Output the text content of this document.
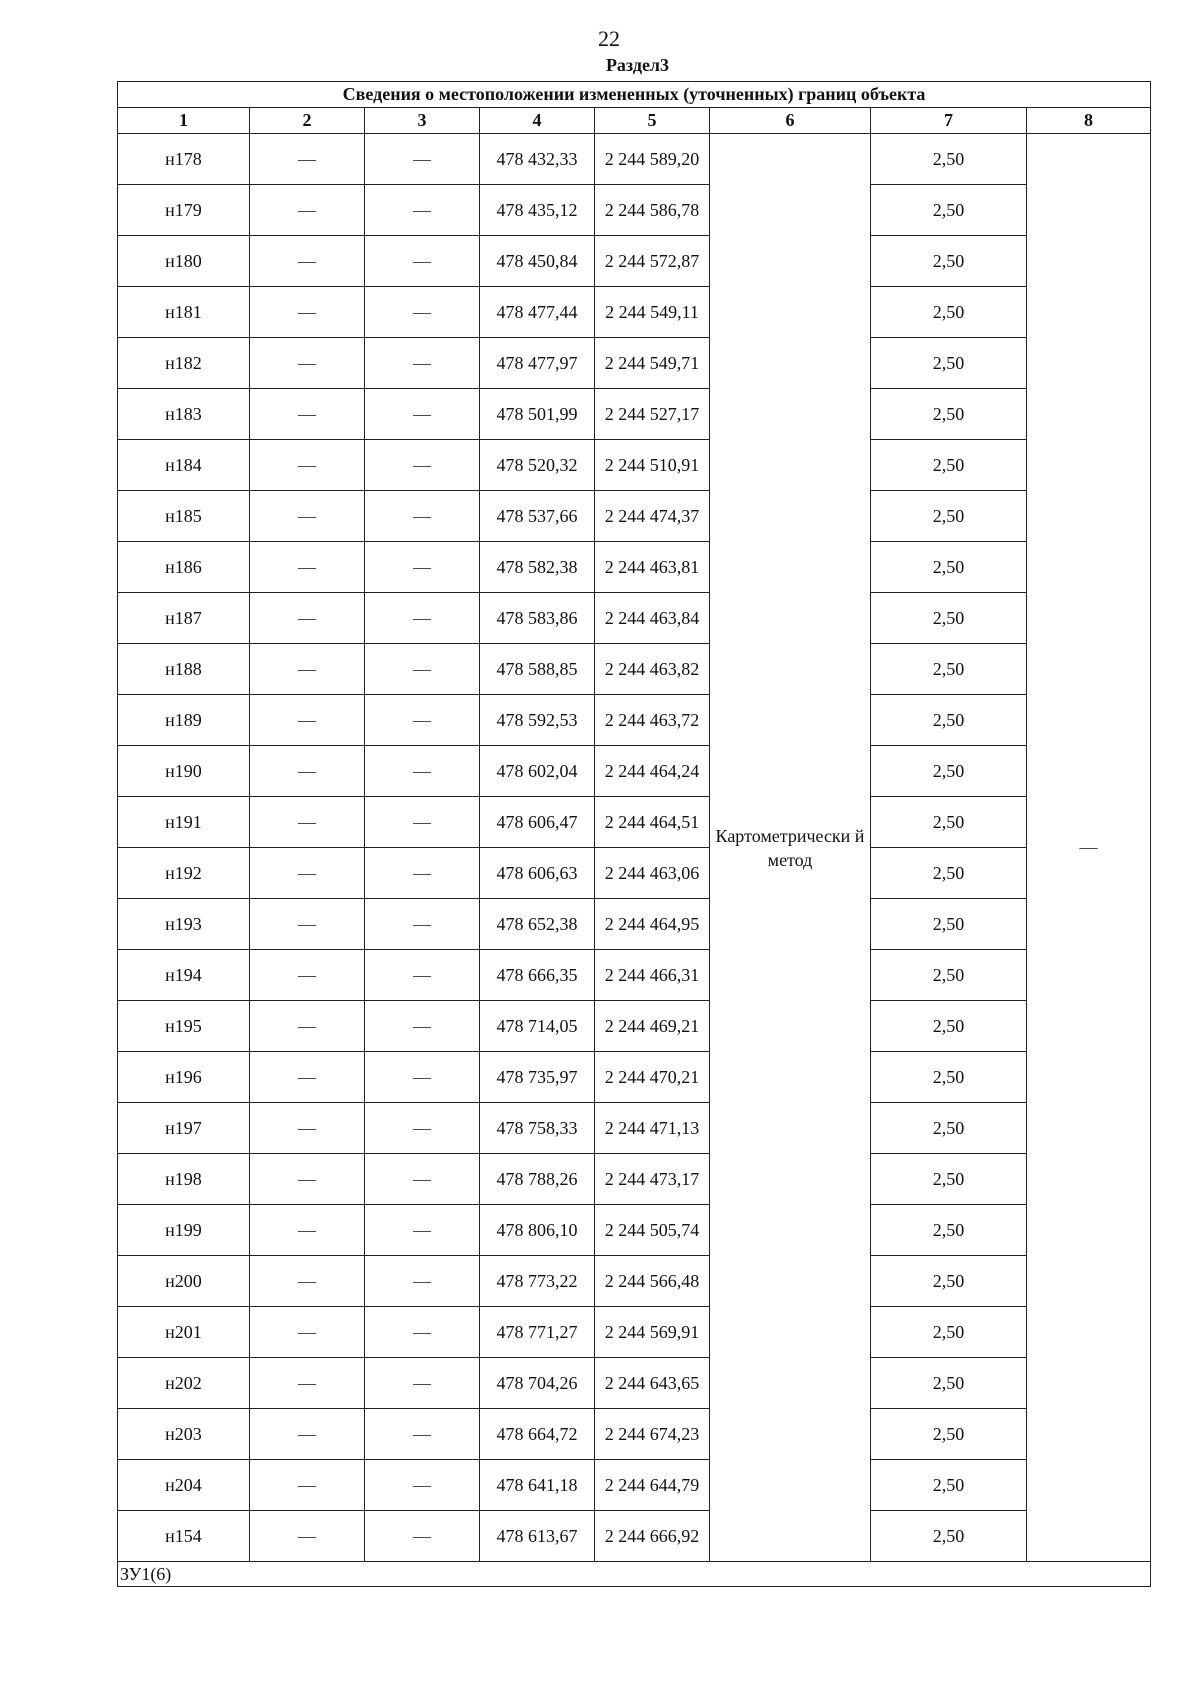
22
Раздел3
Сведения о местоположении измененных (уточненных) границ объекта							
1	2	3	4	5	6	7	8
н178	—	—	478 432,33	2 244 589,20	Картометрически й метод	2,50	—
н179	—	—	478 435,12	2 244 586,78		2,50	
н180	—	—	478 450,84	2 244 572,87		2,50	
н181	—	—	478 477,44	2 244 549,11		2,50	
н182	—	—	478 477,97	2 244 549,71		2,50	
н183	—	—	478 501,99	2 244 527,17		2,50	
н184	—	—	478 520,32	2 244 510,91		2,50	
н185	—	—	478 537,66	2 244 474,37		2,50	
н186	—	—	478 582,38	2 244 463,81		2,50	
н187	—	—	478 583,86	2 244 463,84		2,50	
н188	—	—	478 588,85	2 244 463,82		2,50	
н189	—	—	478 592,53	2 244 463,72		2,50	
н190	—	—	478 602,04	2 244 464,24		2,50	
н191	—	—	478 606,47	2 244 464,51		2,50	
н192	—	—	478 606,63	2 244 463,06		2,50	
н193	—	—	478 652,38	2 244 464,95		2,50	
н194	—	—	478 666,35	2 244 466,31		2,50	
н195	—	—	478 714,05	2 244 469,21		2,50	
н196	—	—	478 735,97	2 244 470,21		2,50	
н197	—	—	478 758,33	2 244 471,13		2,50	
н198	—	—	478 788,26	2 244 473,17		2,50	
н199	—	—	478 806,10	2 244 505,74		2,50	
н200	—	—	478 773,22	2 244 566,48		2,50	
н201	—	—	478 771,27	2 244 569,91		2,50	
н202	—	—	478 704,26	2 244 643,65		2,50	
н203	—	—	478 664,72	2 244 674,23		2,50	
н204	—	—	478 641,18	2 244 644,79		2,50	
н154	—	—	478 613,67	2 244 666,92		2,50	
ЗУ1(6)							
